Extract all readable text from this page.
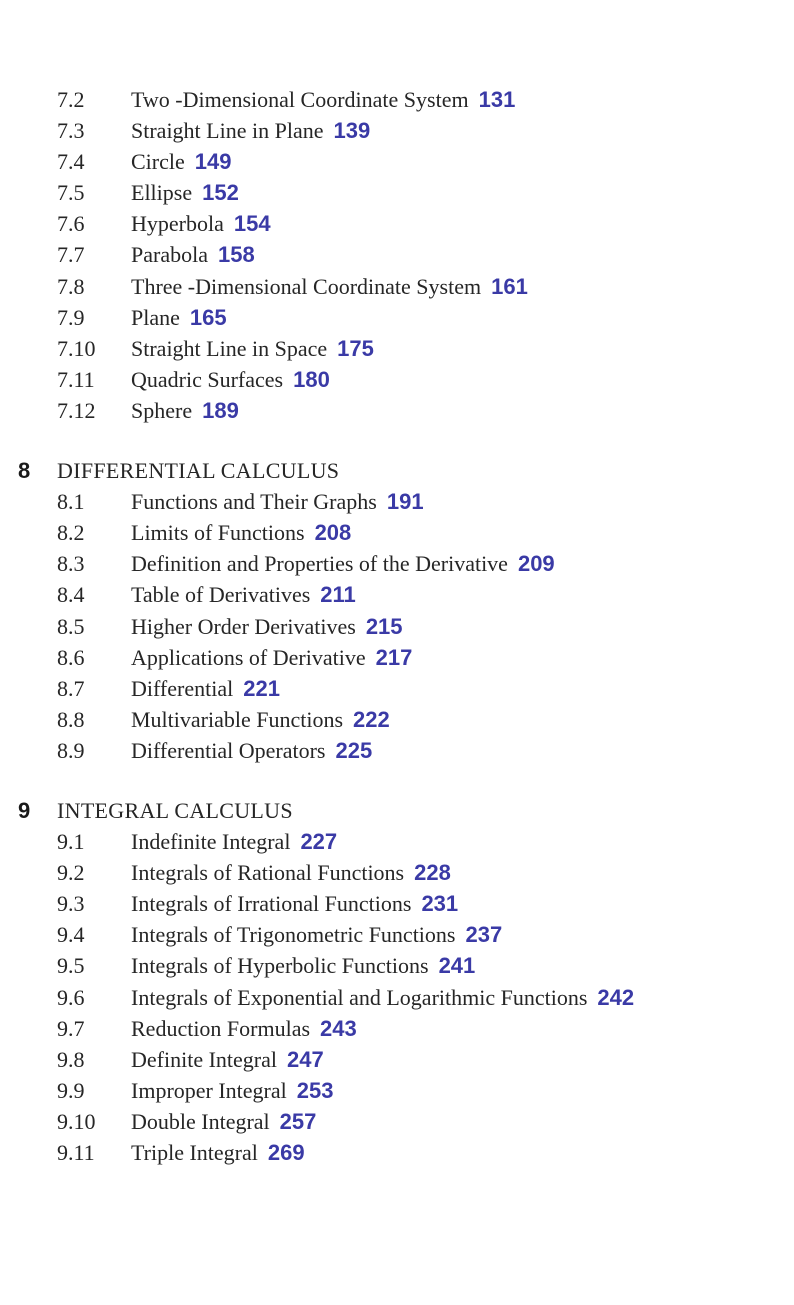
7.2 Two -Dimensional Coordinate System 131
7.3 Straight Line in Plane 139
7.4 Circle 149
7.5 Ellipse 152
7.6 Hyperbola 154
7.7 Parabola 158
7.8 Three -Dimensional Coordinate System 161
7.9 Plane 165
7.10 Straight Line in Space 175
7.11 Quadric Surfaces 180
7.12 Sphere 189
8 DIFFERENTIAL CALCULUS
8.1 Functions and Their Graphs 191
8.2 Limits of Functions 208
8.3 Definition and Properties of the Derivative 209
8.4 Table of Derivatives 211
8.5 Higher Order Derivatives 215
8.6 Applications of Derivative 217
8.7 Differential 221
8.8 Multivariable Functions 222
8.9 Differential Operators 225
9 INTEGRAL CALCULUS
9.1 Indefinite Integral 227
9.2 Integrals of Rational Functions 228
9.3 Integrals of Irrational Functions 231
9.4 Integrals of Trigonometric Functions 237
9.5 Integrals of Hyperbolic Functions 241
9.6 Integrals of Exponential and Logarithmic Functions 242
9.7 Reduction Formulas 243
9.8 Definite Integral 247
9.9 Improper Integral 253
9.10 Double Integral 257
9.11 Triple Integral 269
